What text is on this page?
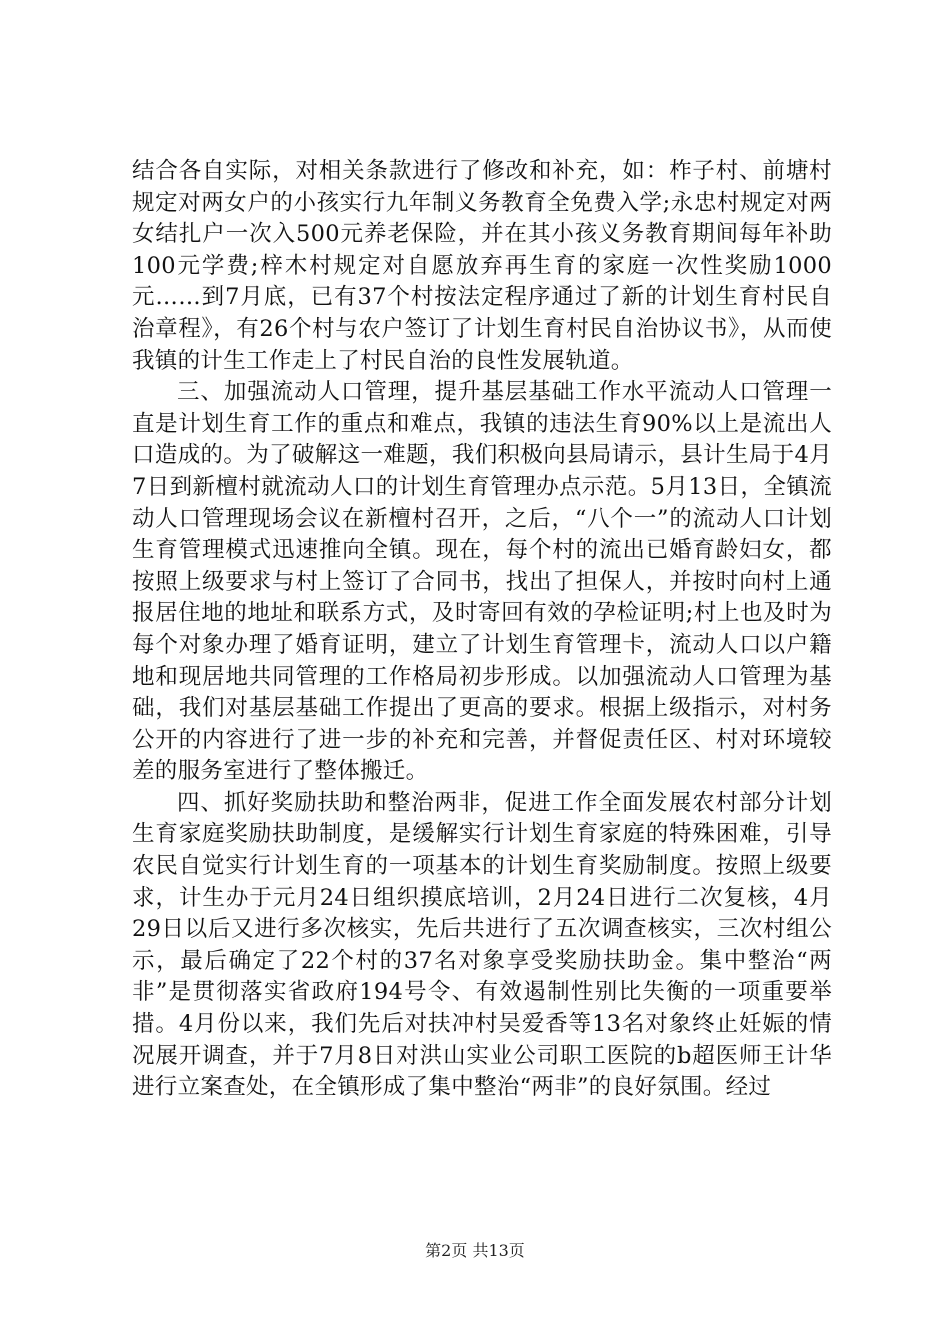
结合各自实际，对相关条款进行了修改和补充，如：柞子村、前塘村规定对两女户的小孩实行九年制义务教育全免费入学;永忠村规定对两女结扎户一次入500元养老保险，并在其小孩义务教育期间每年补助100元学费;梓木村规定对自愿放弃再生育的家庭一次性奖励1000元……到7月底，已有37个村按法定程序通过了新的计划生育村民自治章程》，有26个村与农户签订了计划生育村民自治协议书》，从而使我镇的计生工作走上了村民自治的良性发展轨道。

三、加强流动人口管理，提升基层基础工作水平流动人口管理一直是计划生育工作的重点和难点，我镇的违法生育90%以上是流出人口造成的。为了破解这一难题，我们积极向县局请示，县计生局于4月7日到新檀村就流动人口的计划生育管理办点示范。5月13日，全镇流动人口管理现场会议在新檀村召开，之后，“八个一”的流动人口计划生育管理模式迅速推向全镇。现在，每个村的流出已婚育龄妇女，都按照上级要求与村上签订了合同书，找出了担保人，并按时向村上通报居住地的地址和联系方式，及时寄回有效的孕检证明;村上也及时为每个对象办理了婚育证明，建立了计划生育管理卡，流动人口以户籍地和现居地共同管理的工作格局初步形成。以加强流动人口管理为基础，我们对基层基础工作提出了更高的要求。根据上级指示，对村务公开的内容进行了进一步的补充和完善，并督促责任区、村对环境较差的服务室进行了整体搬迁。

四、抓好奖励扶助和整治两非，促进工作全面发展农村部分计划生育家庭奖励扶助制度，是缓解实行计划生育家庭的特殊困难，引导农民自觉实行计划生育的一项基本的计划生育奖励制度。按照上级要求，计生办于元月24日组织摸底培训，2月24日进行二次复核，4月29日以后又进行多次核实，先后共进行了五次调查核实，三次村组公示，最后确定了22个村的37名对象享受奖励扶助金。集中整治“两非”是贯彻落实省政府194号令、有效遏制性别比失衡的一项重要举措。4月份以来，我们先后对扶冲村吴爱香等13名对象终止妊娠的情况展开调查，并于7月8日对洪山实业公司职工医院的b超医师王计华进行立案查处，在全镇形成了集中整治“两非”的良好氛围。经过

第2页 共13页
